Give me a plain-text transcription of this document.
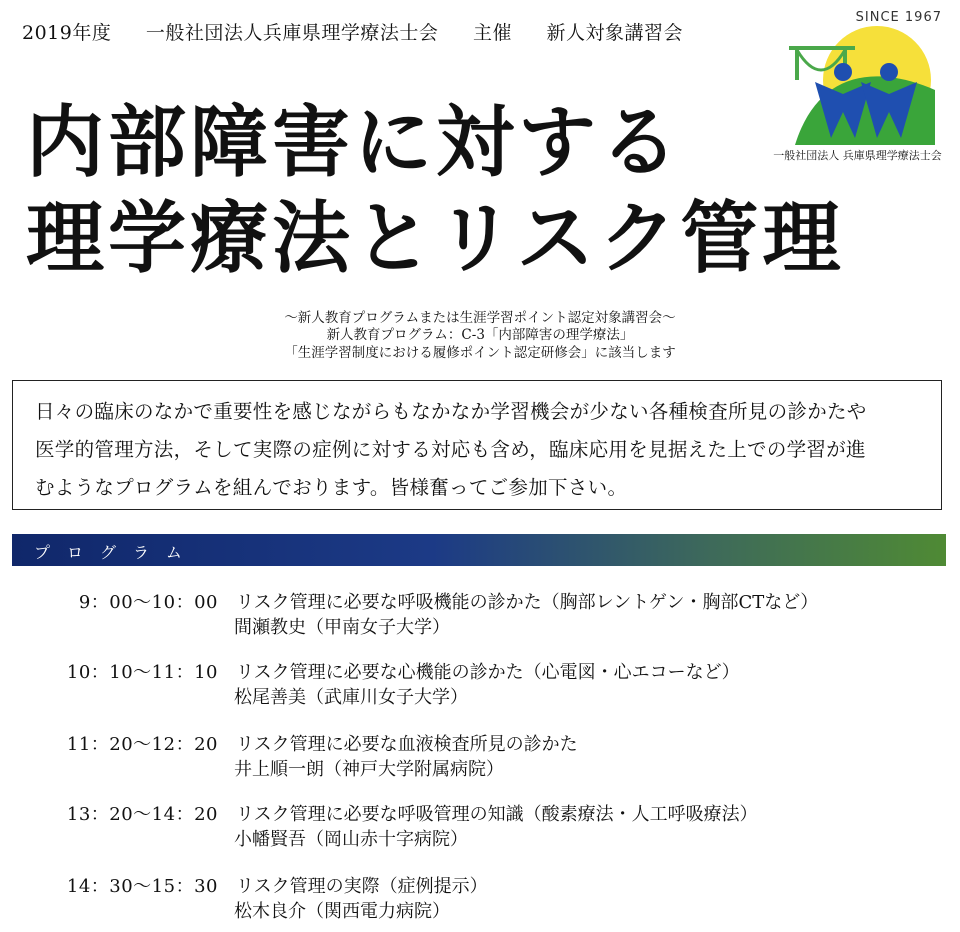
2019年度 一般社団法人兵庫県理学療法士会 主催 新人対象講習会
内部障害に対する
理学療法とリスク管理
SINCE 1967
一般社団法人 兵庫県理学療法士会
〜新人教育プログラムまたは生涯学習ポイント認定対象講習会〜
新人教育プログラム：C-3「内部障害の理学療法」
「生涯学習制度における履修ポイント認定研修会」に該当します

日々の臨床のなかで重要性を感じながらもなかなか学習機会が少ない各種検査所見の診かたや

医学的管理方法，そして実際の症例に対する対応も含め，臨床応用を見据えた上での学習が進

むようなプログラムを組んでおります。皆様奮ってご参加下さい。

プログラム
9：00〜10：00 リスク管理に必要な呼吸機能の診かた（胸部レントゲン・胸部CTなど）
間瀬教史（甲南女子大学）
10：10〜11：10 リスク管理に必要な心機能の診かた（心電図・心エコーなど）
松尾善美（武庫川女子大学）
11：20〜12：20 リスク管理に必要な血液検査所見の診かた
井上順一朗（神戸大学附属病院）
13：20〜14：20 リスク管理に必要な呼吸管理の知識（酸素療法・人工呼吸療法）
小幡賢吾（岡山赤十字病院）
14：30〜15：30 リスク管理の実際（症例提示）
松木良介（関西電力病院）
